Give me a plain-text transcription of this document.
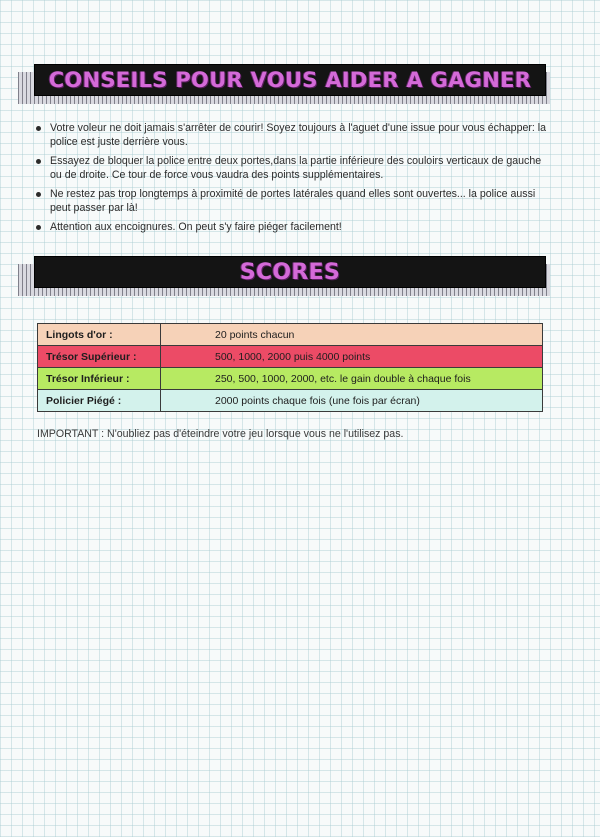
CONSEILS POUR VOUS AIDER A GAGNER
Votre voleur ne doit jamais s'arrêter de courir! Soyez toujours à l'aguet d'une issue pour vous échapper: la police est juste derrière vous.
Essayez de bloquer la police entre deux portes,dans la partie inférieure des couloirs verticaux de gauche ou de droite. Ce tour de force vous vaudra des points supplémentaires.
Ne restez pas trop longtemps à proximité de portes latérales quand elles sont ouvertes... la police aussi peut passer par là!
Attention aux encoignures. On peut s'y faire piéger facilement!
SCORES
Lingots d'or :	20 points chacun
Trésor Supérieur :	500, 1000, 2000 puis 4000 points
Trésor Inférieur :	250, 500, 1000, 2000, etc. le gain double à chaque fois
Policier Piégé :	2000 points chaque fois (une fois par écran)
IMPORTANT : N'oubliez pas d'éteindre votre jeu lorsque vous ne l'utilisez pas.
